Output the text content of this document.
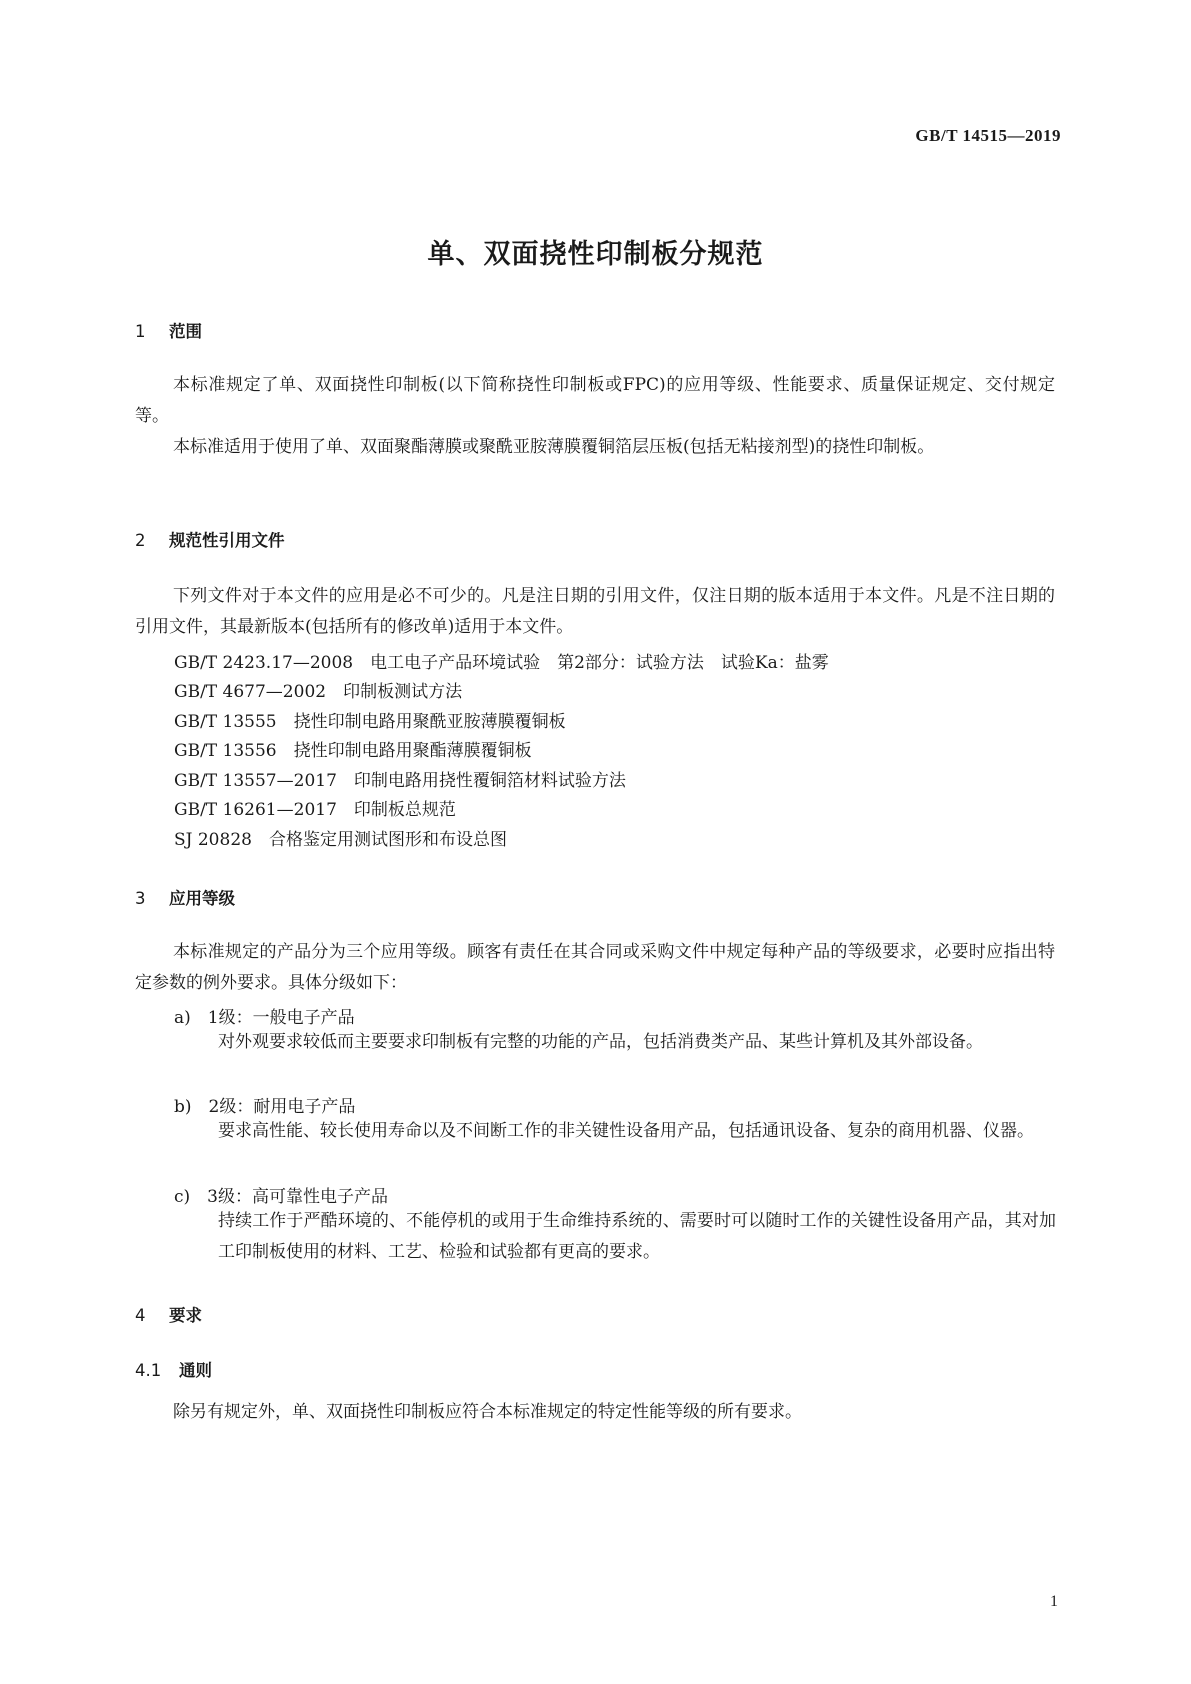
GB/T 14515—2019
单、双面挠性印制板分规范
1 范围
本标准规定了单、双面挠性印制板(以下简称挠性印制板或FPC)的应用等级、性能要求、质量保证规定、交付规定等。
本标准适用于使用了单、双面聚酯薄膜或聚酰亚胺薄膜覆铜箔层压板(包括无粘接剂型)的挠性印制板。
2 规范性引用文件
下列文件对于本文件的应用是必不可少的。凡是注日期的引用文件，仅注日期的版本适用于本文件。凡是不注日期的引用文件，其最新版本(包括所有的修改单)适用于本文件。
GB/T 2423.17—2008　电工电子产品环境试验　第2部分：试验方法　试验Ka：盐雾
GB/T 4677—2002　印制板测试方法
GB/T 13555　挠性印制电路用聚酰亚胺薄膜覆铜板
GB/T 13556　挠性印制电路用聚酯薄膜覆铜板
GB/T 13557—2017　印制电路用挠性覆铜箔材料试验方法
GB/T 16261—2017　印制板总规范
SJ 20828　合格鉴定用测试图形和布设总图
3 应用等级
本标准规定的产品分为三个应用等级。顾客有责任在其合同或采购文件中规定每种产品的等级要求，必要时应指出特定参数的例外要求。具体分级如下：
a)　1级：一般电子产品
对外观要求较低而主要要求印制板有完整的功能的产品，包括消费类产品、某些计算机及其外部设备。
b)　2级：耐用电子产品
要求高性能、较长使用寿命以及不间断工作的非关键性设备用产品，包括通讯设备、复杂的商用机器、仪器。
c)　3级：高可靠性电子产品
持续工作于严酷环境的、不能停机的或用于生命维持系统的、需要时可以随时工作的关键性设备用产品，其对加工印制板使用的材料、工艺、检验和试验都有更高的要求。
4 要求
4.1 通则
除另有规定外，单、双面挠性印制板应符合本标准规定的特定性能等级的所有要求。
1
